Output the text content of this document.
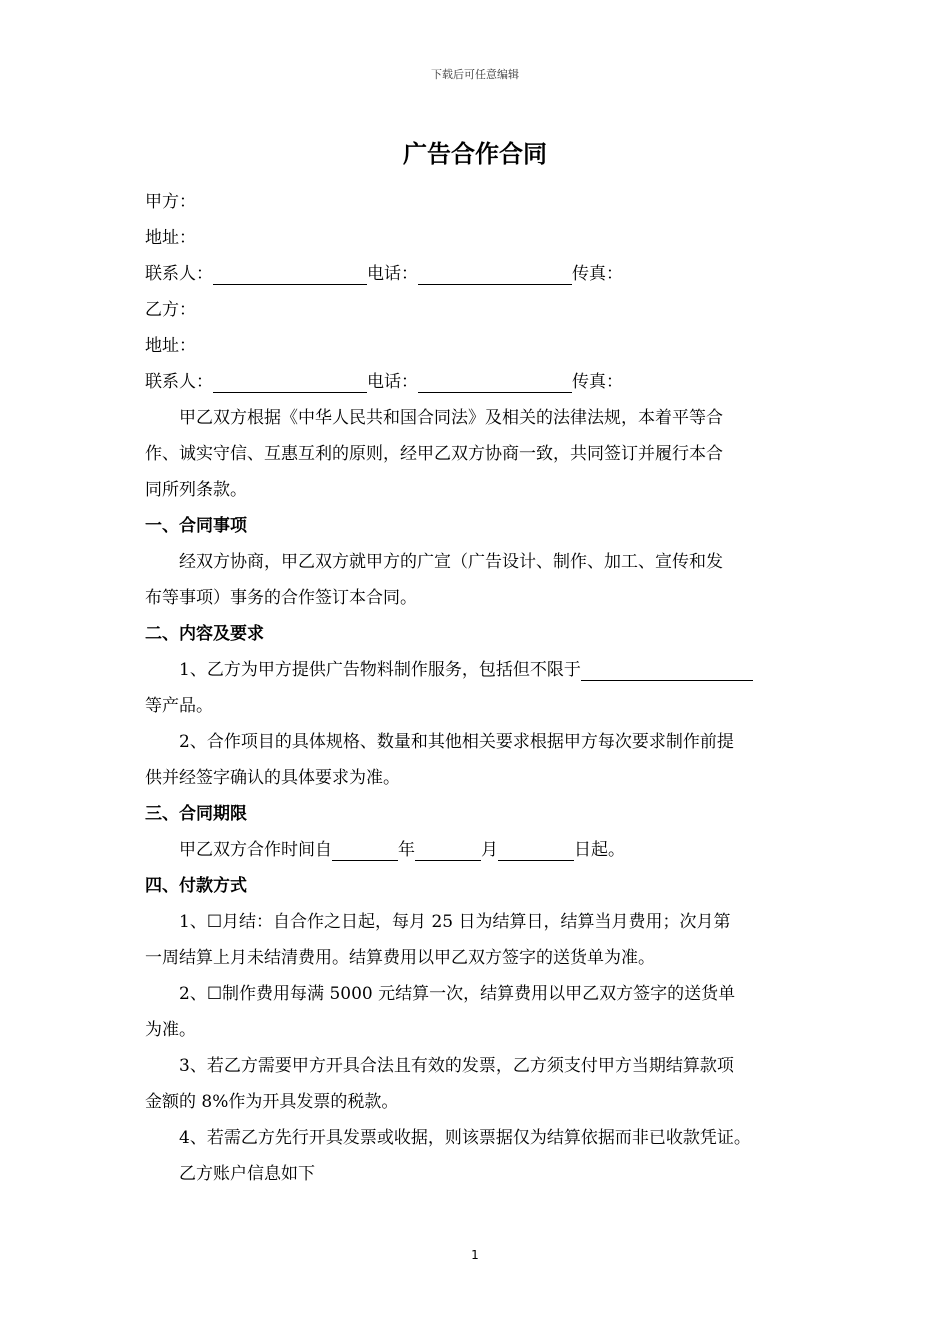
下载后可任意编辑
广告合作合同
甲方：
地址：
联系人：	电话：	传真：
乙方：
地址：
联系人：	电话：	传真：
甲乙双方根据《中华人民共和国合同法》及相关的法律法规，本着平等合
作、诚实守信、互惠互利的原则，经甲乙双方协商一致，共同签订并履行本合
同所列条款。
一、合同事项
经双方协商，甲乙双方就甲方的广宣（广告设计、制作、加工、宣传和发
布等事项）事务的合作签订本合同。
二、内容及要求
1、乙方为甲方提供广告物料制作服务，包括但不限于
等产品。
2、合作项目的具体规格、数量和其他相关要求根据甲方每次要求制作前提
供并经签字确认的具体要求为准。
三、合同期限
甲乙双方合作时间自	年	月	日起。
四、付款方式
1、☐月结：自合作之日起，每月 25 日为结算日，结算当月费用；次月第
一周结算上月未结清费用。结算费用以甲乙双方签字的送货单为准。
2、☐制作费用每满 5000 元结算一次，结算费用以甲乙双方签字的送货单
为准。
3、若乙方需要甲方开具合法且有效的发票，乙方须支付甲方当期结算款项
金额的 8%作为开具发票的税款。
4、若需乙方先行开具发票或收据，则该票据仅为结算依据而非已收款凭证。
乙方账户信息如下
1
